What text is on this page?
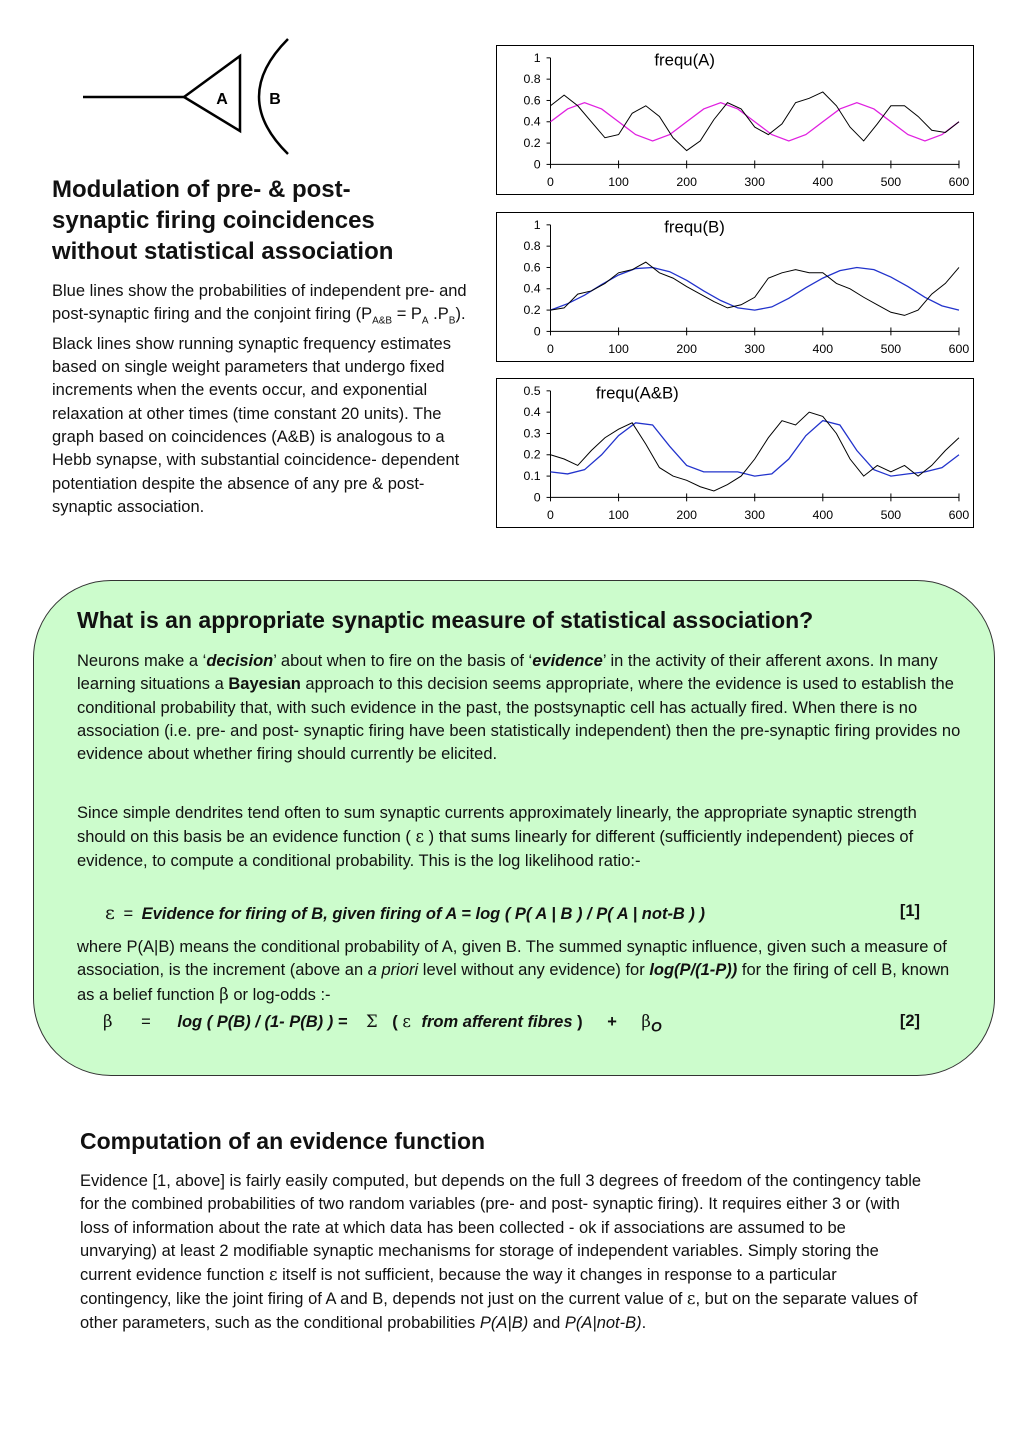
A	B
Modulation of pre- & post-synaptic firing coincidences without statistical association
Blue lines show the probabilities of independent pre- and post-synaptic firing and the conjoint firing ($P_{A\&B} = P_A$ $.P_B$). Black lines show running synaptic frequency estimates based on single weight parameters that undergo fixed increments when the events occur, and exponential relaxation at other times (time constant 20 units). The graph based on coincidences (A&B) is analogous to a Hebb synapse, with substantial coincidence- dependent potentiation despite the absence of any pre & post- synaptic association.
0
0.2
0.4
0.6
0.8
1
0	100	200	300	400	500	600
frequ(A)
0
0.2
0.4
0.6
0.8
1
0	100	200	300	400	500	600
frequ(B)
0
0.1
0.2
0.3
0.4
0.5
0	100	200	300	400	500	600
frequ(A&B)
What is an appropriate synaptic measure of statistical association?
Neurons make a ‘decision’ about when to fire on the basis of ‘evidence’ in the activity of their afferent axons. In many learning situations a Bayesian approach to this decision seems appropriate, where the evidence is used to establish the conditional probability that, with such evidence in the past, the postsynaptic cell has actually fired. When there is no association (i.e. pre- and post- synaptic firing have been statistically independent) then the pre-synaptic firing provides no evidence about whether firing should currently be elicited.
Since simple dendrites tend often to sum synaptic currents approximately linearly, the appropriate synaptic strength should on this basis be an evidence function ( ε ) that sums linearly for different (sufficiently independent) pieces of evidence, to compute a conditional probability. This is the log likelihood ratio:-
ε = Evidence for firing of B, given firing of A = log ( P( A | B ) / P( A | not-B ) )	[1]
where P(A|B) means the conditional probability of A, given B. The summed synaptic influence, given such a measure of association, is the increment (above an a priori level without any evidence) for log(P/(1-P)) for the firing of cell B, known as a belief function β or log-odds :-
β = log ( P(B) / (1- P(B) ) = Σ ( ε from afferent fibres ) + $\beta_O$	[2]
Computation of an evidence function
Evidence [1, above] is fairly easily computed, but depends on the full 3 degrees of freedom of the contingency table for the combined probabilities of two random variables (pre- and post- synaptic firing). It requires either 3 or (with loss of information about the rate at which data has been collected - ok if associations are assumed to be unvarying) at least 2 modifiable synaptic mechanisms for storage of independent variables. Simply storing the current evidence function ε itself is not sufficient, because the way it changes in response to a particular contingency, like the joint firing of A and B, depends not just on the current value of ε, but on the separate values of other parameters, such as the conditional probabilities P(A|B) and P(A|not-B).
